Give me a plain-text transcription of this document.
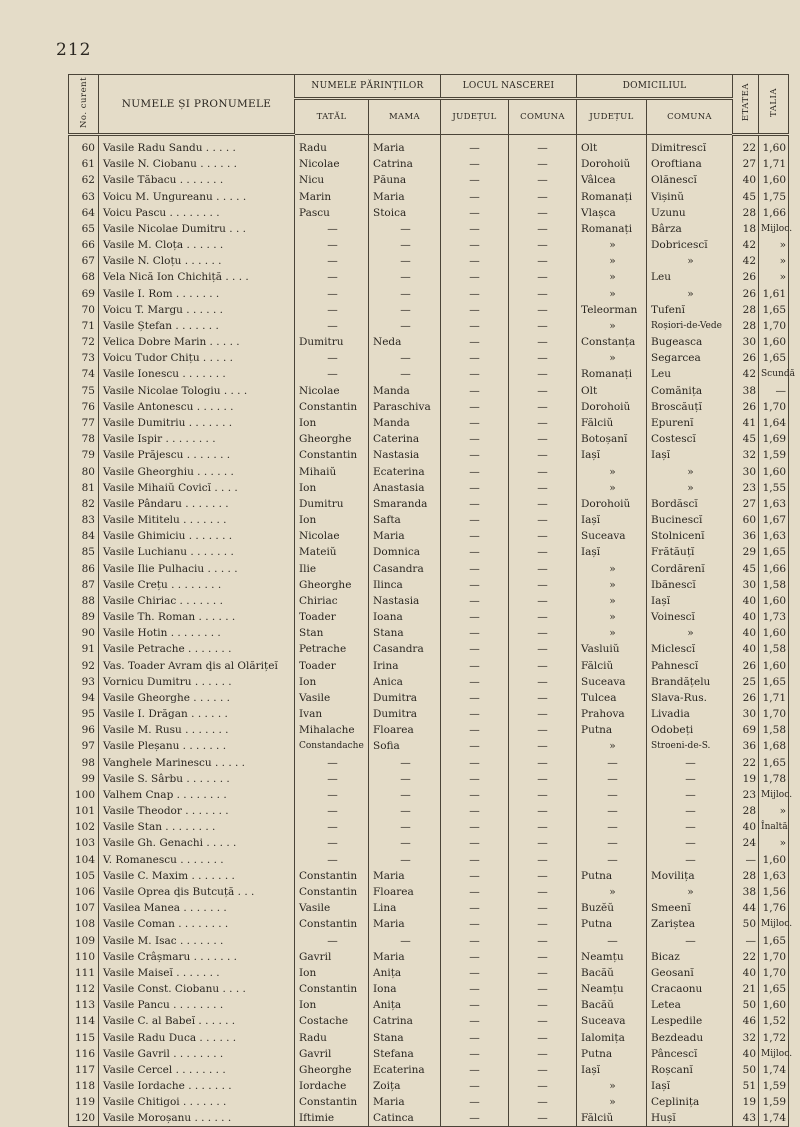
212
No. curent	NUMELE ȘI PRONUMELE	NUMELE PĂRINȚILOR		LOCUL NASCEREI		DOMICILIUL		ETATEA	TALIA
		TATĂL	MAMA	JUDEȚUL	COMUNA	JUDEȚUL	COMUNA		
60	Vasile Radu Sandu . . . . .	Radu	Maria	—	—	Olt	Dimitrescĭ	22	1,60
61	Vasile N. Ciobanu . . . . . .	Nicolae	Catrina	—	—	Dorohoiŭ	Oroftiana	27	1,71
62	Vasile Tăbacu . . . . . . .	Nicu	Păuna	—	—	Vâlcea	Olănescĭ	40	1,60
63	Voicu M. Ungureanu . . . . .	Marin	Maria	—	—	Romanați	Vișinŭ	45	1,75
64	Voicu Pascu . . . . . . . .	Pascu	Stoica	—	—	Vlașca	Uzunu	28	1,66
65	Vasile Nicolae Dumitru . . .	—	—	—	—	Romanați	Bârza	18	Mijloc.
66	Vasile M. Cloța . . . . . .	—	—	—	—	»	Dobricescĭ	42	»
67	Vasile N. Cloțu . . . . . .	—	—	—	—	»	»	42	»
68	Vela Nică Ion Chichiță . . . .	—	—	—	—	»	Leu	26	»
69	Vasile I. Rom . . . . . . .	—	—	—	—	»	»	26	1,61
70	Voicu T. Margu . . . . . .	—	—	—	—	Teleorman	Tufenĭ	28	1,65
71	Vasile Ștefan . . . . . . .	—	—	—	—	»	Roșiori-de-Vede	28	1,70
72	Velica Dobre Marin . . . . .	Dumitru	Neda	—	—	Constanța	Bugeasca	30	1,60
73	Voicu Tudor Chițu . . . . .	—	—	—	—	»	Segarcea	26	1,65
74	Vasile Ionescu . . . . . . .	—	—	—	—	Romanați	Leu	42	Scundă
75	Vasile Nicolae Tologiu . . . .	Nicolae	Manda	—	—	Olt	Comănița	38	—
76	Vasile Antonescu . . . . . .	Constantin	Paraschiva	—	—	Dorohoiŭ	Broscăuțĭ	26	1,70
77	Vasile Dumitriu . . . . . . .	Ion	Manda	—	—	Fălciŭ	Epurenĭ	41	1,64
78	Vasile Ispir . . . . . . . .	Gheorghe	Caterina	—	—	Botoșanĭ	Costescĭ	45	1,69
79	Vasile Prăjescu . . . . . . .	Constantin	Nastasia	—	—	Iașĭ	Iașĭ	32	1,59
80	Vasile Gheorghiu . . . . . .	Mihaiŭ	Ecaterina	—	—	»	»	30	1,60
81	Vasile Mihaiŭ Covicĭ . . . .	Ion	Anastasia	—	—	»	»	23	1,55
82	Vasile Pândaru . . . . . . .	Dumitru	Smaranda	—	—	Dorohoiŭ	Bordăscĭ	27	1,63
83	Vasile Mititelu . . . . . . .	Ion	Safta	—	—	Iașĭ	Bucinescĭ	60	1,67
84	Vasile Ghimiciu . . . . . . .	Nicolae	Maria	—	—	Suceava	Stolnicenĭ	36	1,63
85	Vasile Luchianu . . . . . . .	Mateiŭ	Domnica	—	—	Iașĭ	Frătăuțĭ	29	1,65
86	Vasile Ilie Pulhaciu . . . . .	Ilie	Casandra	—	—	»	Cordărenĭ	45	1,66
87	Vasile Crețu . . . . . . . .	Gheorghe	Ilinca	—	—	»	Ibănescĭ	30	1,58
88	Vasile Chiriac . . . . . . .	Chiriac	Nastasia	—	—	»	Iașĭ	40	1,60
89	Vasile Th. Roman . . . . . .	Toader	Ioana	—	—	»	Voinescĭ	40	1,73
90	Vasile Hotin . . . . . . . .	Stan	Stana	—	—	»	»	40	1,60
91	Vasile Petrache . . . . . . .	Petrache	Casandra	—	—	Vasluiŭ	Miclescĭ	40	1,58
92	Vas. Toader Avram ḑis al Olărițeĭ	Toader	Irina	—	—	Fălciŭ	Pahnescĭ	26	1,60
93	Vornicu Dumitru . . . . . .	Ion	Anica	—	—	Suceava	Brandățelu	25	1,65
94	Vasile Gheorghe . . . . . .	Vasile	Dumitra	—	—	Tulcea	Slava-Rus.	26	1,71
95	Vasile I. Drăgan . . . . . .	Ivan	Dumitra	—	—	Prahova	Livadia	30	1,70
96	Vasile M. Rusu . . . . . . .	Mihalache	Floarea	—	—	Putna	Odobeți	69	1,58
97	Vasile Pleșanu . . . . . . .	Constandache	Sofia	—	—	»	Stroeni-de-S.	36	1,68
98	Vanghele Marinescu . . . . .	—	—	—	—	—	—	22	1,65
99	Vasile S. Sârbu . . . . . . .	—	—	—	—	—	—	19	1,78
100	Valhem Cnap . . . . . . . .	—	—	—	—	—	—	23	Mijloc.
101	Vasile Theodor . . . . . . .	—	—	—	—	—	—	28	»
102	Vasile Stan . . . . . . . .	—	—	—	—	—	—	40	Înaltă
103	Vasile Gh. Genachi . . . . .	—	—	—	—	—	—	24	»
104	V. Romanescu . . . . . . .	—	—	—	—	—	—	—	1,60
105	Vasile C. Maxim . . . . . . .	Constantin	Maria	—	—	Putna	Movilița	28	1,63
106	Vasile Oprea ḑis Butcuță . . .	Constantin	Floarea	—	—	»	»	38	1,56
107	Vasilea Manea . . . . . . .	Vasile	Lina	—	—	Buzĕŭ	Smeenĭ	44	1,76
108	Vasile Coman . . . . . . . .	Constantin	Maria	—	—	Putna	Zariștea	50	Mijloc.
109	Vasile M. Isac . . . . . . .	—	—	—	—	—	—	—	1,65
110	Vasile Crâșmaru . . . . . . .	Gavril	Maria	—	—	Neamțu	Bicaz	22	1,70
111	Vasile Maiseĭ . . . . . . .	Ion	Anița	—	—	Bacăŭ	Geosanĭ	40	1,70
112	Vasile Const. Ciobanu . . . .	Constantin	Iona	—	—	Neamțu	Cracaonu	21	1,65
113	Vasile Pancu . . . . . . . .	Ion	Anița	—	—	Bacăŭ	Letea	50	1,60
114	Vasile C. al Babeĭ . . . . . .	Costache	Catrina	—	—	Suceava	Lespedile	46	1,52
115	Vasile Radu Duca . . . . . .	Radu	Stana	—	—	Ialomița	Bezdeadu	32	1,72
116	Vasile Gavril . . . . . . . .	Gavril	Stefana	—	—	Putna	Pâncescĭ	40	Mijloc.
117	Vasile Cercel . . . . . . . .	Gheorghe	Ecaterina	—	—	Iașĭ	Roșcanĭ	50	1,74
118	Vasile Iordache . . . . . . .	Iordache	Zoița	—	—	»	Iașĭ	51	1,59
119	Vasile Chitigoi . . . . . . .	Constantin	Maria	—	—	»	Ceplinița	19	1,59
120	Vasile Moroșanu . . . . . .	Iftimie	Catinca	—	—	Fălciŭ	Hușĭ	43	1,74
